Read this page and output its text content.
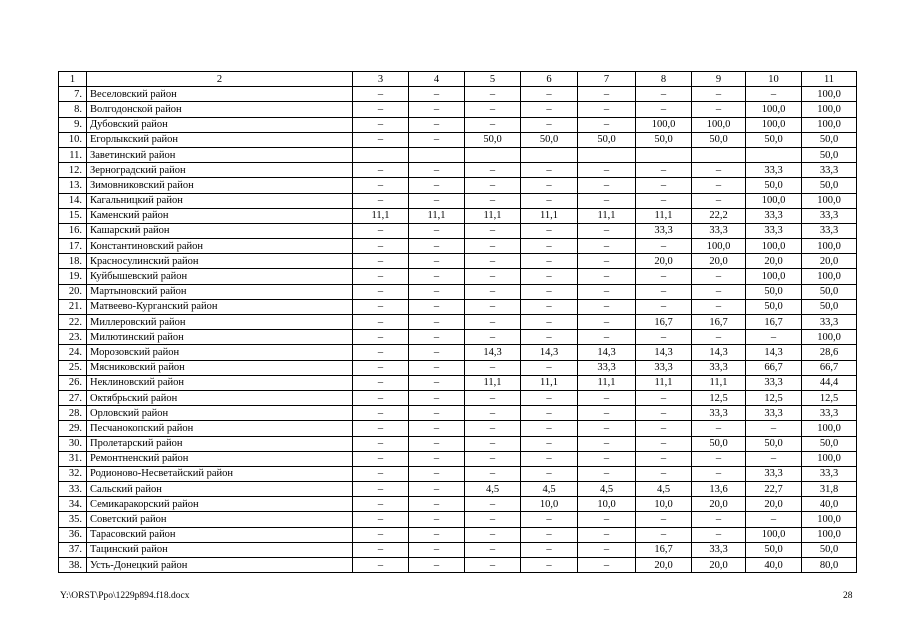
1	2	3	4	5	6	7	8	9	10	11
7.	Веселовский район	–	–	–	–	–	–	–	–	100,0
8.	Волгодонской район	–	–	–	–	–	–	–	100,0	100,0
9.	Дубовский район	–	–	–	–	–	100,0	100,0	100,0	100,0
10.	Егорлыкский район	–	–	50,0	50,0	50,0	50,0	50,0	50,0	50,0
11.	Заветинский район									50,0
12.	Зерноградский район	–	–	–	–	–	–	–	33,3	33,3
13.	Зимовниковский район	–	–	–	–	–	–	–	50,0	50,0
14.	Кагальницкий район	–	–	–	–	–	–	–	100,0	100,0
15.	Каменский район	11,1	11,1	11,1	11,1	11,1	11,1	22,2	33,3	33,3
16.	Кашарский район	–	–	–	–	–	33,3	33,3	33,3	33,3
17.	Константиновский район	–	–	–	–	–	–	100,0	100,0	100,0
18.	Красносулинский район	–	–	–	–	–	20,0	20,0	20,0	20,0
19.	Куйбышевский район	–	–	–	–	–	–	–	100,0	100,0
20.	Мартыновский район	–	–	–	–	–	–	–	50,0	50,0
21.	Матвеево-Курганский район	–	–	–	–	–	–	–	50,0	50,0
22.	Миллеровский район	–	–	–	–	–	16,7	16,7	16,7	33,3
23.	Милютинский район	–	–	–	–	–	–	–	–	100,0
24.	Морозовский район	–	–	14,3	14,3	14,3	14,3	14,3	14,3	28,6
25.	Мясниковский район	–	–	–	–	33,3	33,3	33,3	66,7	66,7
26.	Неклиновский район	–	–	11,1	11,1	11,1	11,1	11,1	33,3	44,4
27.	Октябрьский район	–	–	–	–	–	–	12,5	12,5	12,5
28.	Орловский район	–	–	–	–	–	–	33,3	33,3	33,3
29.	Песчанокопский район	–	–	–	–	–	–	–	–	100,0
30.	Пролетарский район	–	–	–	–	–	–	50,0	50,0	50,0
31.	Ремонтненский район	–	–	–	–	–	–	–	–	100,0
32.	Родионово-Несветайский район	–	–	–	–	–	–	–	33,3	33,3
33.	Сальский район	–	–	4,5	4,5	4,5	4,5	13,6	22,7	31,8
34.	Семикаракорский район	–	–	–	10,0	10,0	10,0	20,0	20,0	40,0
35.	Советский район	–	–	–	–	–	–	–	–	100,0
36.	Тарасовский район	–	–	–	–	–	–	–	100,0	100,0
37.	Тацинский район	–	–	–	–	–	16,7	33,3	50,0	50,0
38.	Усть-Донецкий район	–	–	–	–	–	20,0	20,0	40,0	80,0
Y:\ORST\Ppo\1229p894.f18.docx	28
